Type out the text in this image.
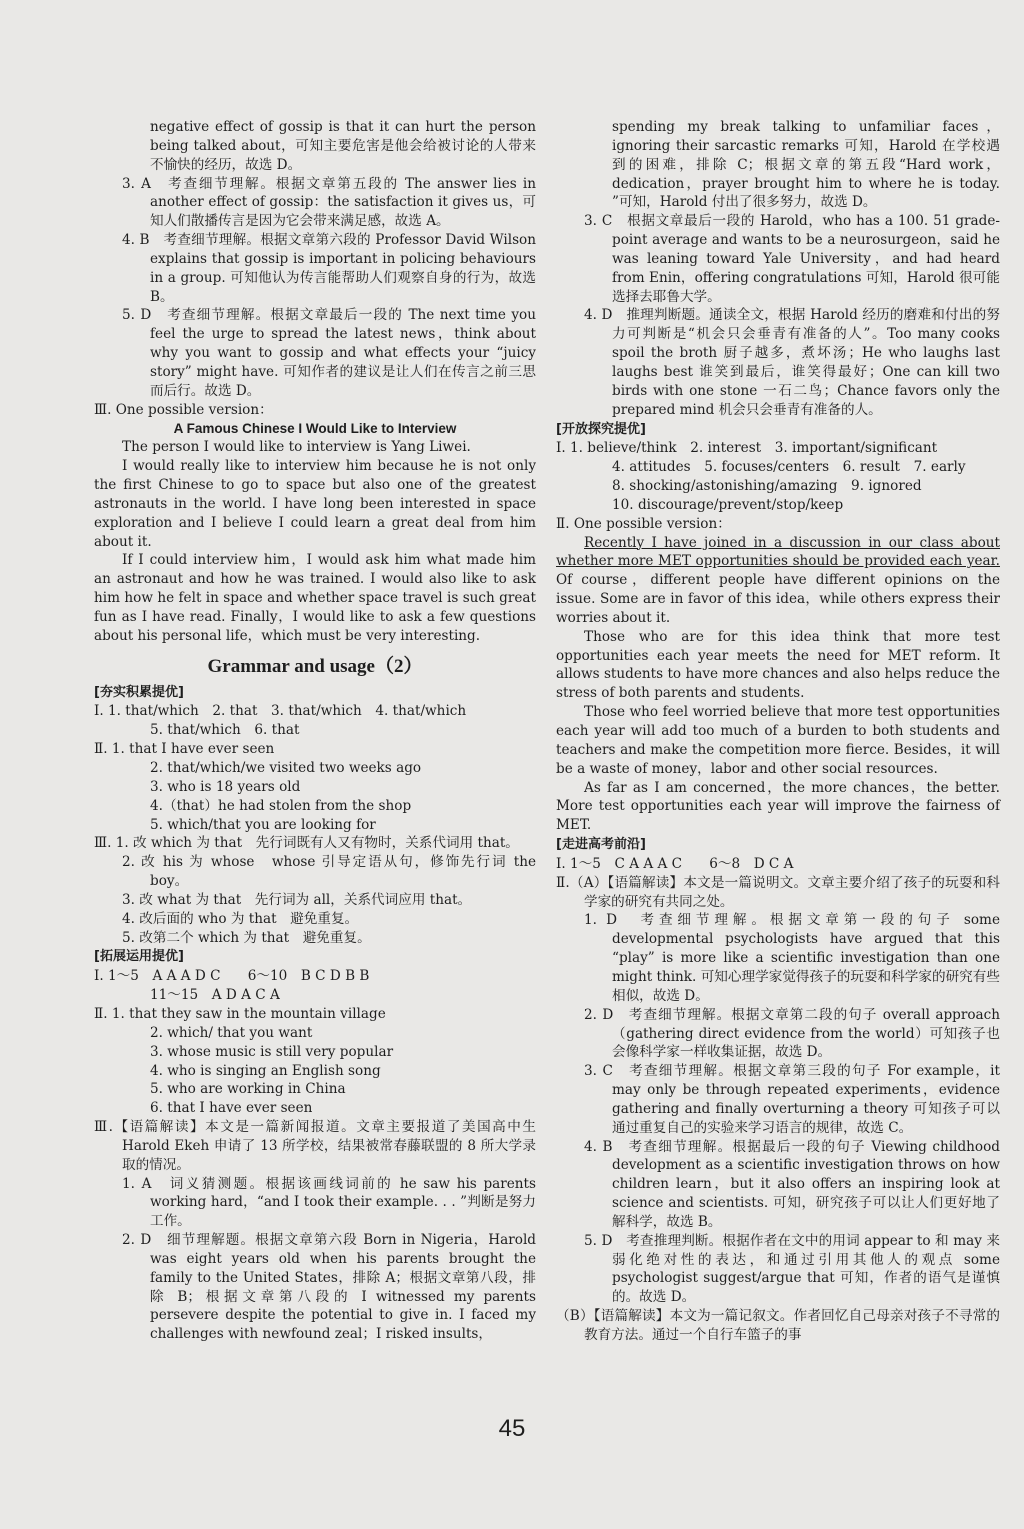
negative effect of gossip is that it can hurt the person being talked about，可知主要危害是他会给被讨论的人带来不愉快的经历，故选 D。

3. A　考查细节理解。根据文章第五段的 The answer lies in another effect of gossip：the satisfaction it gives us，可知人们散播传言是因为它会带来满足感，故选 A。

4. B　考查细节理解。根据文章第六段的 Professor David Wilson explains that gossip is important in policing behaviours in a group. 可知他认为传言能帮助人们观察自身的行为，故选 B。

5. D　考查细节理解。根据文章最后一段的 The next time you feel the urge to spread the latest news，think about why you want to gossip and what effects your “juicy story” might have. 可知作者的建议是让人们在传言之前三思而后行。故选 D。

Ⅲ. One possible version：

A Famous Chinese I Would Like to Interview

The person I would like to interview is Yang Liwei.

I would really like to interview him because he is not only the first Chinese to go to space but also one of the greatest astronauts in the world. I have long been interested in space exploration and I believe I could learn a great deal from him about it.

If I could interview him，I would ask him what made him an astronaut and how he was trained. I would also like to ask him how he felt in space and whether space travel is such great fun as I have read. Finally，I would like to ask a few questions about his personal life，which must be very interesting.

Grammar and usage（2）

[夯实积累提优]

Ⅰ. 1. that/which　2. that　3. that/which　4. that/which

5. that/which　6. that

Ⅱ. 1. that I have ever seen

2. that/which/we visited two weeks ago

3. who is 18 years old

4.（that）he had stolen from the shop

5. which/that you are looking for

Ⅲ. 1. 改 which 为 that　先行词既有人又有物时，关系代词用 that。

2. 改 his 为 whose　whose 引导定语从句，修饰先行词 the boy。

3. 改 what 为 that　先行词为 all，关系代词应用 that。

4. 改后面的 who 为 that　避免重复。

5. 改第二个 which 为 that　避免重复。

[拓展运用提优]

Ⅰ. 1～5　A A A D C　　6～10　B C D B B

11～15　A D A C A

Ⅱ. 1. that they saw in the mountain village

2. which/ that you want

3. whose music is still very popular

4. who is singing an English song

5. who are working in China

6. that I have ever seen

Ⅲ.【语篇解读】本文是一篇新闻报道。文章主要报道了美国高中生 Harold Ekeh 申请了 13 所学校，结果被常春藤联盟的 8 所大学录取的情况。

1. A　词义猜测题。根据该画线词前的 he saw his parents working hard，“and I took their example. . . ”判断是努力工作。

2. D　细节理解题。根据文章第六段 Born in Nigeria，Harold was eight years old when his parents brought the family to the United States，排除 A；根据文章第八段，排除 B；根据文章第八段的 I witnessed my parents persevere despite the potential to give in. I faced my challenges with newfound zeal；I risked insults，

spending my break talking to unfamiliar faces，ignoring their sarcastic remarks 可知，Harold 在学校遇到的困难，排除 C；根据文章的第五段“Hard work，dedication，prayer brought him to where he is today. ”可知，Harold 付出了很多努力，故选 D。

3. C　根据文章最后一段的 Harold，who has a 100. 51 grade-point average and wants to be a neurosurgeon，said he was leaning toward Yale University，and had heard from Enin，offering congratulations 可知，Harold 很可能选择去耶鲁大学。

4. D　推理判断题。通读全文，根据 Harold 经历的磨难和付出的努力可判断是“机会只会垂青有准备的人”。Too many cooks spoil the broth 厨子越多，煮坏汤；He who laughs last laughs best 谁笑到最后，谁笑得最好；One can kill two birds with one stone 一石二鸟；Chance favors only the prepared mind 机会只会垂青有准备的人。

[开放探究提优]

Ⅰ. 1. believe/think　2. interest　3. important/significant

4. attitudes　5. focuses/centers　6. result　7. early

8. shocking/astonishing/amazing　9. ignored

10. discourage/prevent/stop/keep

Ⅱ. One possible version：

Recently I have joined in a discussion in our class about whether more MET opportunities should be provided each year. Of course，different people have different opinions on the issue. Some are in favor of this idea，while others express their worries about it.

Those who are for this idea think that more test opportunities each year meets the need for MET reform. It allows students to have more chances and also helps reduce the stress of both parents and students.

Those who feel worried believe that more test opportunities each year will add too much of a burden to both students and teachers and make the competition more fierce. Besides，it will be a waste of money，labor and other social resources.

As far as I am concerned，the more chances，the better. More test opportunities each year will improve the fairness of MET.

[走进高考前沿]

Ⅰ. 1～5　C A A A C　　6～8　D C A

Ⅱ.（A）【语篇解读】本文是一篇说明文。文章主要介绍了孩子的玩耍和科学家的研究有共同之处。

1. D　考查细节理解。根据文章第一段的句子 some developmental psychologists have argued that this “play” is more like a scientific investigation than one might think. 可知心理学家觉得孩子的玩耍和科学家的研究有些相似，故选 D。

2. D　考查细节理解。根据文章第二段的句子 overall approach（gathering direct evidence from the world）可知孩子也会像科学家一样收集证据，故选 D。

3. C　考查细节理解。根据文章第三段的句子 For example，it may only be through repeated experiments，evidence gathering and finally overturning a theory 可知孩子可以通过重复自己的实验来学习语言的规律，故选 C。

4. B　考查细节理解。根据最后一段的句子 Viewing childhood development as a scientific investigation throws on how children learn，but it also offers an inspiring look at science and scientists. 可知，研究孩子可以让人们更好地了解科学，故选 B。

5. D　考查推理判断。根据作者在文中的用词 appear to 和 may 来弱化绝对性的表达，和通过引用其他人的观点 some psychologist suggest/argue that 可知，作者的语气是谨慎的。故选 D。

（B）【语篇解读】本文为一篇记叙文。作者回忆自己母亲对孩子不寻常的教育方法。通过一个自行车篮子的事

45
